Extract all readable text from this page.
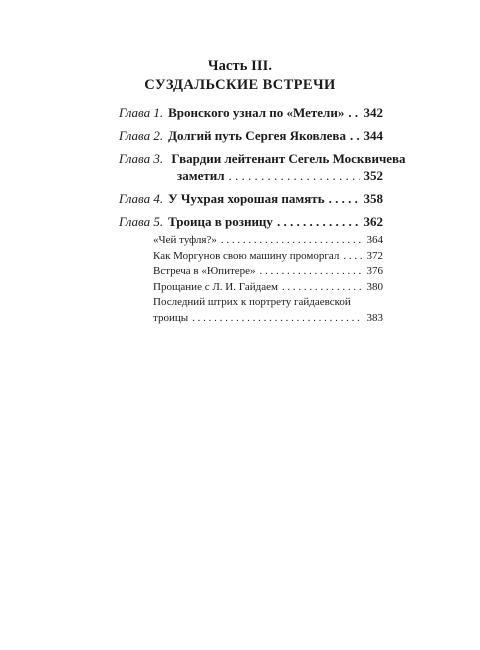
Часть III.
СУЗДАЛЬСКИЕ ВСТРЕЧИ
Глава 1. Вронского узнал по «Метели» . . . 342
Глава 2. Долгий путь Сергея Яковлева . . . 344
Глава 3. Гвардии лейтенант Сегель Москвичева
заметил . . .	352
Глава 4. У Чухрая хорошая память . . .	358
Глава 5. Троица в розницу . . .	362
«Чей туфля?» . . .	364
Как Моргунов свою машину проморгал . . . 372
Встреча в «Юпитере» . . .	376
Прощание с Л. И. Гайдаем . . .	380
Последний штрих к портрету гайдаевской
троицы . . .	383
